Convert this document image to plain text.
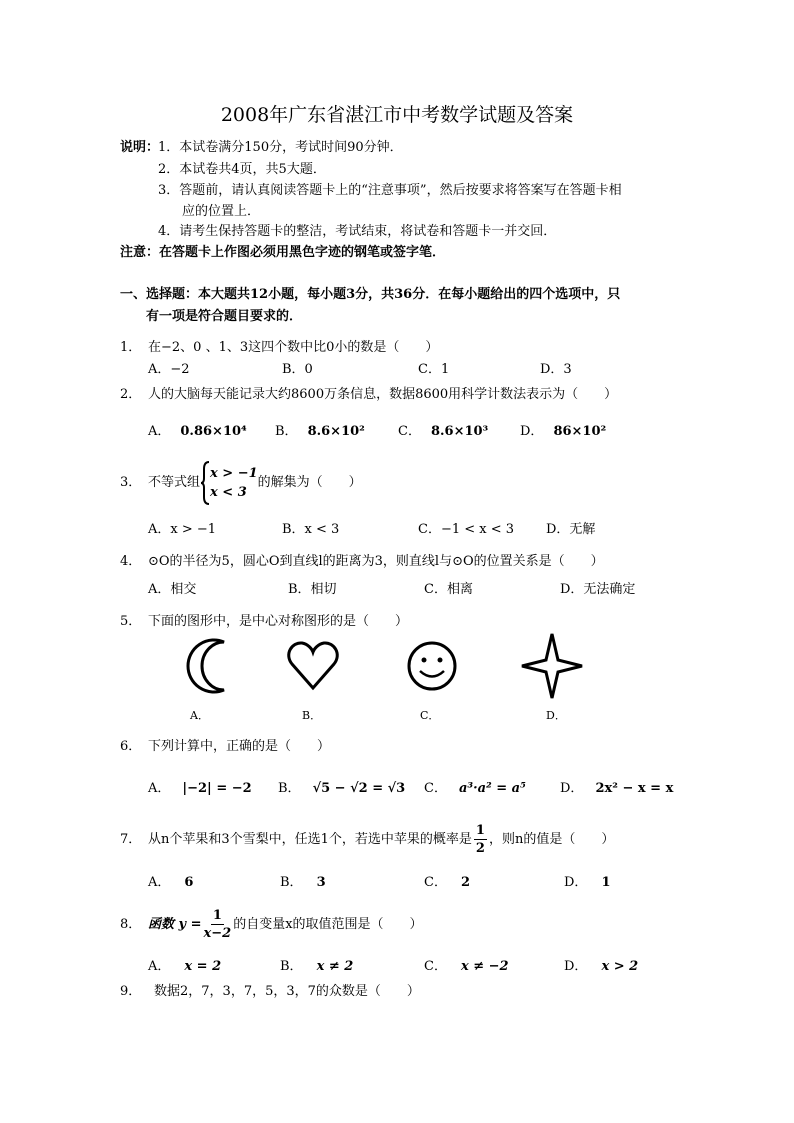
2008年广东省湛江市中考数学试题及答案
说明：
1．本试卷满分150分，考试时间90分钟．
2．本试卷共4页，共5大题．
3．答题前，请认真阅读答题卡上的“注意事项”，然后按要求将答案写在答题卡相
应的位置上．
4．请考生保持答题卡的整洁，考试结束，将试卷和答题卡一并交回．
注意：在答题卡上作图必须用黑色字迹的钢笔或签字笔．
一、选择题：本大题共12小题，每小题3分，共36分．在每小题给出的四个选项中，只
有一项是符合题目要求的．
1． 在−2、0 、1、3这四个数中比0小的数是（　　）
A．−2	B．0	C．1	D．3
2． 人的大脑每天能记录大约8600万条信息，数据8600用科学计数法表示为（　　）
A． 0.86×10⁴ B． 8.6×10²	C． 8.6×10³ D． 86×10²
3． 不等式组
x > −1
x < 3
的解集为（　　）
A．x > −1	B．x < 3	C．−1 < x < 3 D．无解
4． ⊙O的半径为5，圆心O到直线l的距离为3，则直线l与⊙O的位置关系是（　　）
A．相交	B．相切	C．相离	D．无法确定
5． 下面的图形中，是中心对称图形的是（　　）
A．	B．	C．	D．
6． 下列计算中，正确的是（　　）
A． |−2| = −2 B． √5 − √2 = √3 C． a³·a² = a⁵	D． 2x² − x = x
7． 从n个苹果和3个雪梨中，任选1个，若选中苹果的概率是 $\frac{1}{2}$ ，则n的值是（　　）
A． 6	B． 3	C． 2	D． 1
8． 函数 $y = \frac{1}{x-2}$ 的自变量x的取值范围是（　　）
A． x = 2	B． x ≠ 2	C． x ≠ −2	D． x > 2
9． 数据2，7，3，7，5，3，7的众数是（　　）
